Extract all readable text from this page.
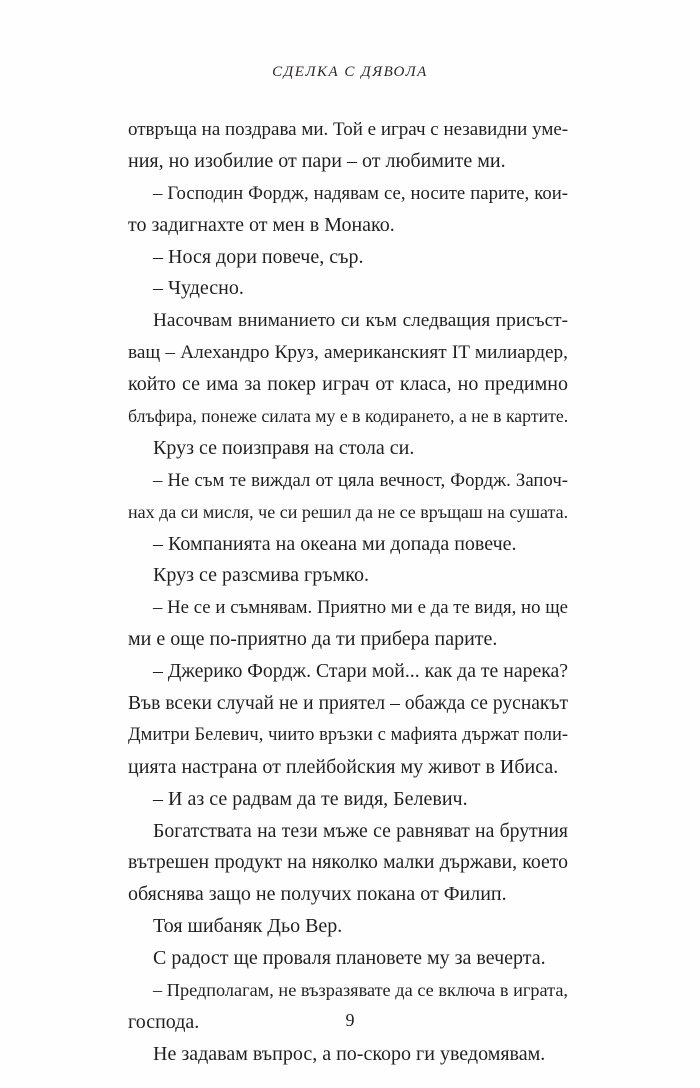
СДЕЛКА С ДЯВОЛА
отвръща на поздрава ми. Той е играч с незавидни уме-
ния, но изобилие от пари – от любимите ми.
– Господин Фордж, надявам се, носите парите, кои-
то задигнахте от мен в Монако.
– Нося дори повече, сър.
– Чудесно.
Насочвам вниманието си към следващия присъст-
ващ – Алехандро Круз, американският IT милиардер,
който се има за покер играч от класа, но предимно
блъфира, понеже силата му е в кодирането, а не в картите.
Круз се поизправя на стола си.
– Не съм те виждал от цяла вечност, Фордж. Започ-
нах да си мисля, че си решил да не се връщаш на сушата.
– Компанията на океана ми допада повече.
Круз се разсмива гръмко.
– Не се и съмнявам. Приятно ми е да те видя, но ще
ми е още по-приятно да ти прибера парите.
– Джерико Фордж. Стари мой... как да те нарека?
Във всеки случай не и приятел – обажда се руснакът
Дмитри Белевич, чиито връзки с мафията държат поли-
цията настрана от плейбойския му живот в Ибиса.
– И аз се радвам да те видя, Белевич.
Богатствата на тези мъже се равняват на брутния
вътрешен продукт на няколко малки държави, което
обяснява защо не получих покана от Филип.
Тоя шибаняк Дьо Вер.
С радост ще проваля плановете му за вечерта.
– Предполагам, не възразявате да се включа в играта,
господа.
Не задавам въпрос, а по-скоро ги уведомявам.
9
